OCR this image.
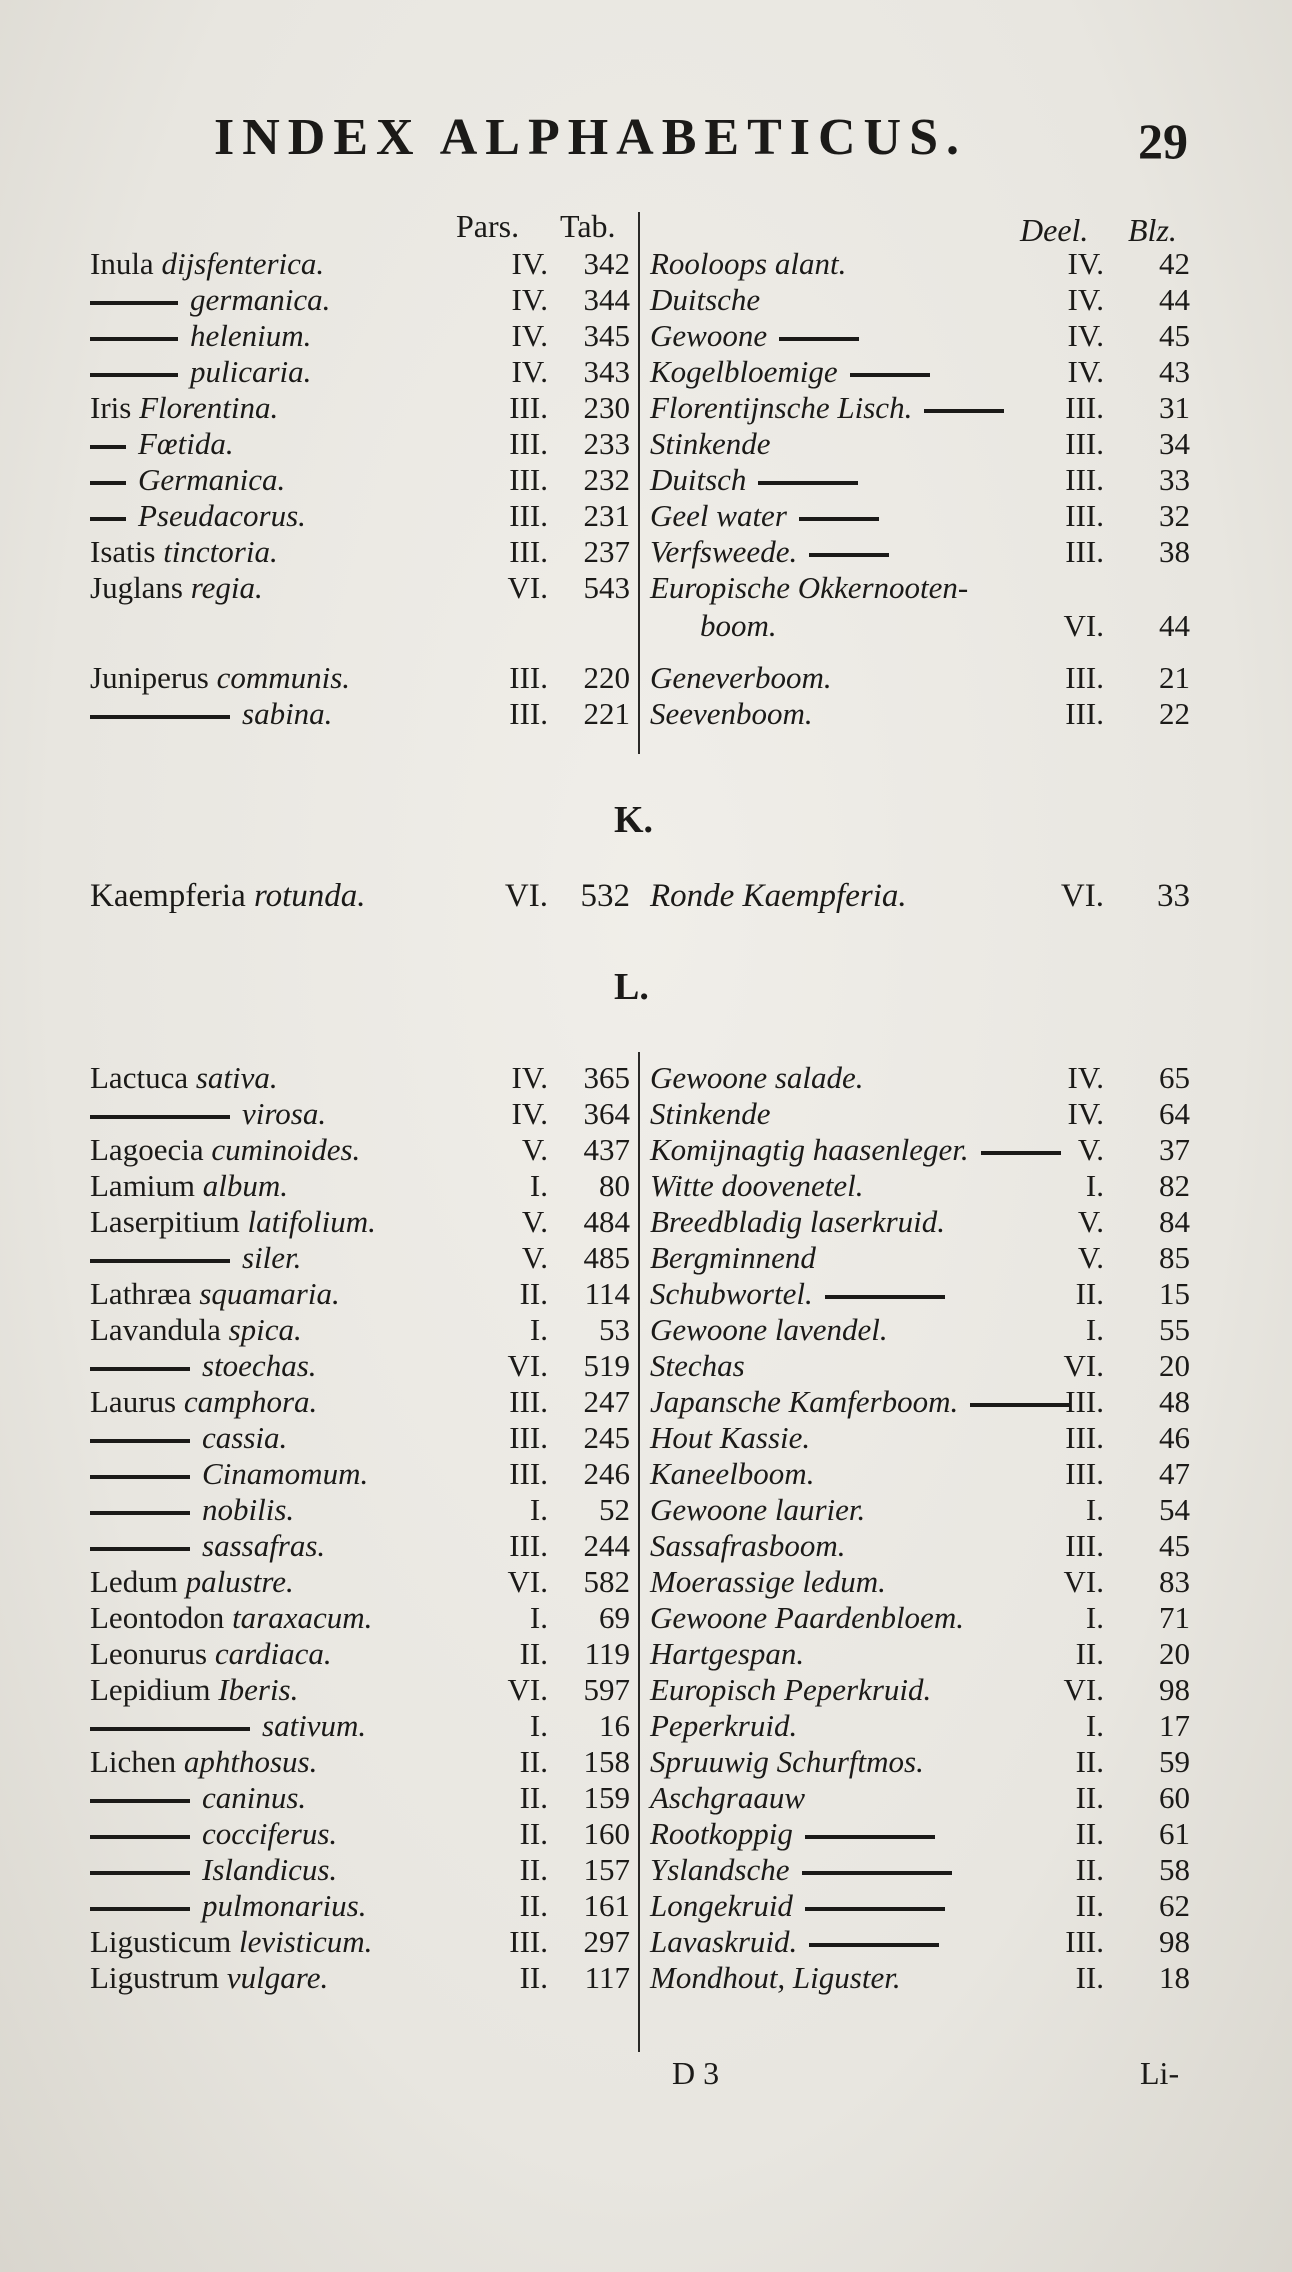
INDEX ALPHABETICUS.	29
Pars. Tab.	Deel. Blz.
K.
L.
Inula dijsfenterica.	IV.	342 Rooloops alant.	IV.	42
germanica.	IV.	344 Duitsche	IV.	44
helenium.	IV.	345 Gewoone	IV.	45
pulicaria.	IV.	343 Kogelbloemige	IV.	43
Iris Florentina.	III.	230 Florentijnsche Lisch.	III.	31
Fœtida.	III.	233 Stinkende	III.	34
Germanica.	III.	232 Duitsch	III.	33
Pseudacorus.	III.	231 Geel water	III.	32
Isatis tinctoria.	III.	237 Verfsweede.	III.	38
Juglans regia.	VI.	543 Europische Okkernooten-
boom.	VI.	44
Juniperus communis.	III.	220 Geneverboom.	III.	21
sabina.	III.	221 Seevenboom.	III.	22
Kaempferia rotunda.	VI. 532 Ronde Kaempferia.	VI.	33
Lactuca sativa.	IV.	365 Gewoone salade.	IV.	65
virosa.	IV.	364 Stinkende	IV.	64
Lagoecia cuminoides.	V.	437 Komijnagtig haasenleger.	V.	37
Lamium album.	I.	80 Witte doovenetel.	I.	82
Laserpitium latifolium.	V.	484 Breedbladig laserkruid.	V.	84
siler.	V.	485 Bergminnend	V.	85
Lathræa squamaria.	II.	114 Schubwortel.	II.	15
Lavandula spica.	I.	53 Gewoone lavendel.	I.	55
stoechas.	VI.	519 Stechas	VI.	20
Laurus camphora.	III.	247 Japansche Kamferboom.	III.	48
cassia.	III.	245 Hout Kassie.	III.	46
Cinamomum.	III.	246 Kaneelboom.	III.	47
nobilis.	I.	52 Gewoone laurier.	I.	54
sassafras.	III.	244 Sassafrasboom.	III.	45
Ledum palustre.	VI.	582 Moerassige ledum.	VI.	83
Leontodon taraxacum.	I.	69 Gewoone Paardenbloem.	I.	71
Leonurus cardiaca.	II.	119 Hartgespan.	II.	20
Lepidium Iberis.	VI.	597 Europisch Peperkruid.	VI.	98
sativum.	I.	16 Peperkruid.	I.	17
Lichen aphthosus.	II.	158 Spruuwig Schurftmos.	II.	59
caninus.	II.	159 Aschgraauw	II.	60
cocciferus.	II.	160 Rootkoppig	II.	61
Islandicus.	II.	157 Yslandsche	II.	58
pulmonarius.	II.	161 Longekruid	II.	62
Ligusticum levisticum.	III.	297 Lavaskruid.	III.	98
Ligustrum vulgare.	II.	117 Mondhout, Liguster.	II.	18
D 3	Li-
